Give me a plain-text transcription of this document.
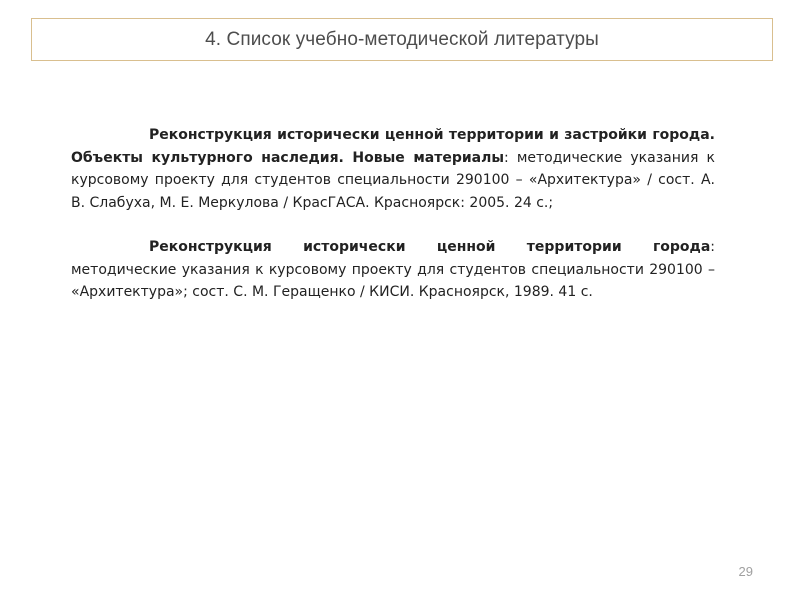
4. Список учебно-методической литературы

Реконструкция исторически ценной территории и застройки города. Объекты культурного наследия. Новые материалы: методические указания к курсовому проекту для студентов специальности 290100 – «Архитектура» / сост. А. В. Слабуха, М. Е. Меркулова / КрасГАСА. Красноярск: 2005. 24 с.;

Реконструкция исторически ценной территории города: методические указания к курсовому проекту для студентов специальности 290100 – «Архитектура»; сост. С. М. Геращенко / КИСИ. Красноярск, 1989. 41 с.

29
